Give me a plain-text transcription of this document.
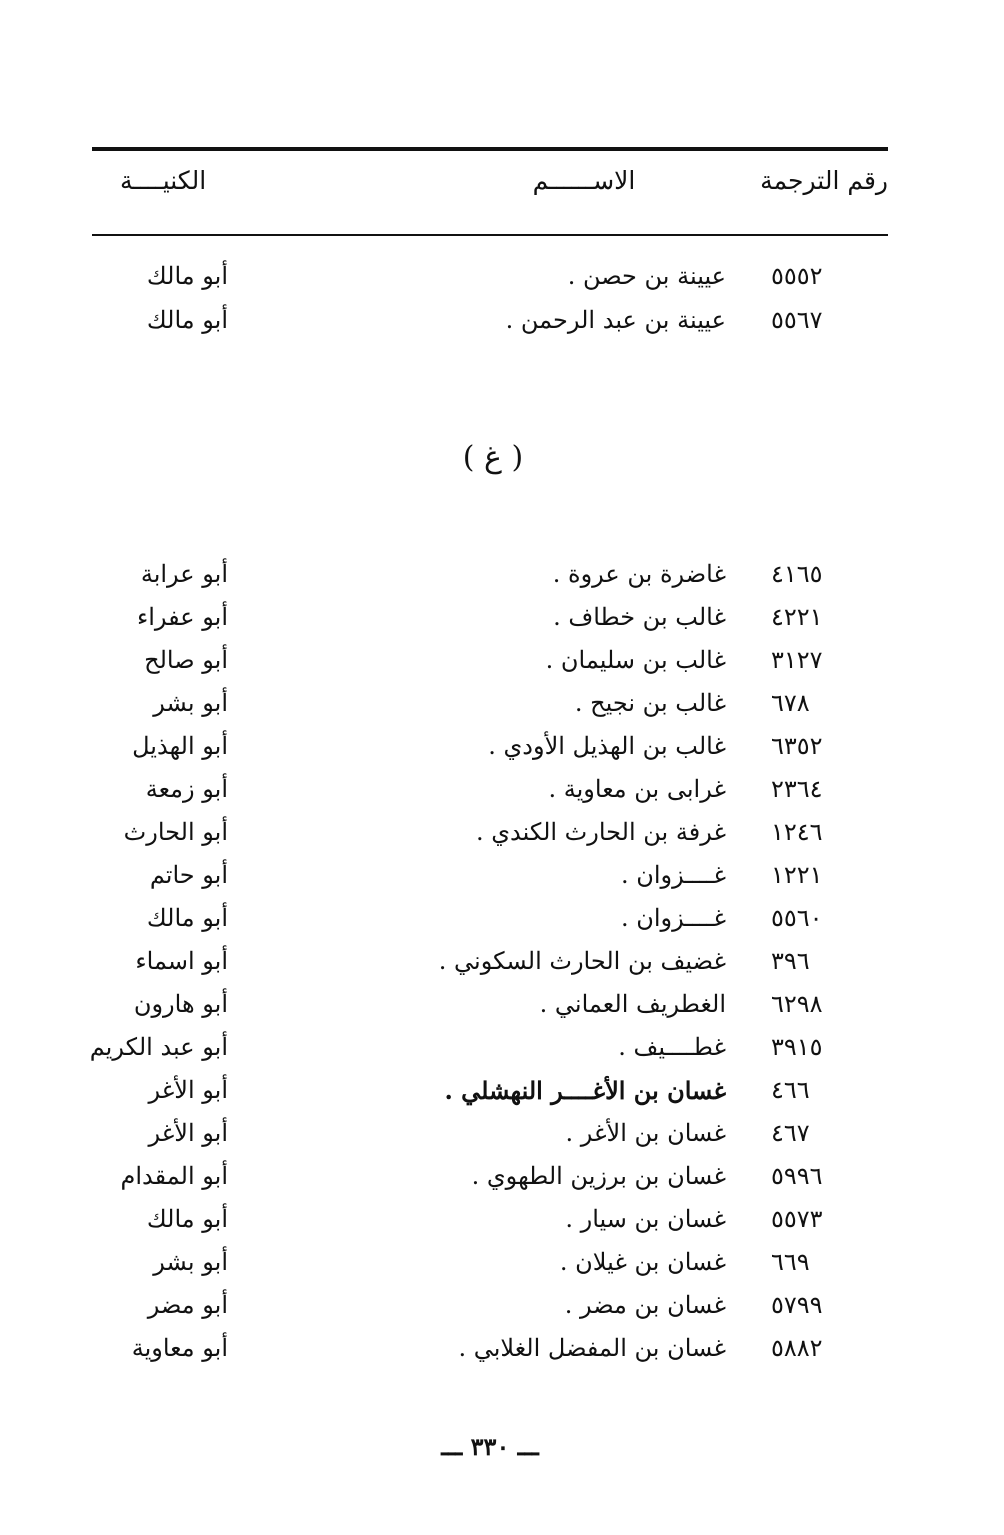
رقم الترجمة
الاســــــم
الكنيــــة
٥٥٥٢
عيينة بن حصن .
أبو مالك
٥٥٦٧
عيينة بن عبد الرحمن .
أبو مالك
( غ )
٤١٦٥
غاضرة بن عروة .
أبو عرابة
٤٢٢١
غالب بن خطاف .
أبو عفراء
٣١٢٧
غالب بن سليمان .
أبو صالح
٦٧٨
غالب بن نجيح .
أبو بشر
٦٣٥٢
غالب بن الهذيل الأودي .
أبو الهذيل
٢٣٦٤
غرابى بن معاوية .
أبو زمعة
١٢٤٦
غرفة بن الحارث الكندي .
أبو الحارث
١٢٢١
غــــزوان .
أبو حاتم
٥٥٦٠
غــــزوان .
أبو مالك
٣٩٦
غضيف بن الحارث السكوني .
أبو اسماء
٦٢٩٨
الغطريف العماني .
أبو هارون
٣٩١٥
غطــــيف .
أبو عبد الكريم
٤٦٦
غسان بن الأغــــر النهشلي .
أبو الأغر
٤٦٧
غسان بن الأغر .
أبو الأغر
٥٩٩٦
غسان بن برزين الطهوي .
أبو المقدام
٥٥٧٣
غسان بن سيار .
أبو مالك
٦٦٩
غسان بن غيلان .
أبو بشر
٥٧٩٩
غسان بن مضر .
أبو مضر
٥٨٨٢
غسان بن المفضل الغلابي .
أبو معاوية
ـــ ٣٣٠ ـــ
